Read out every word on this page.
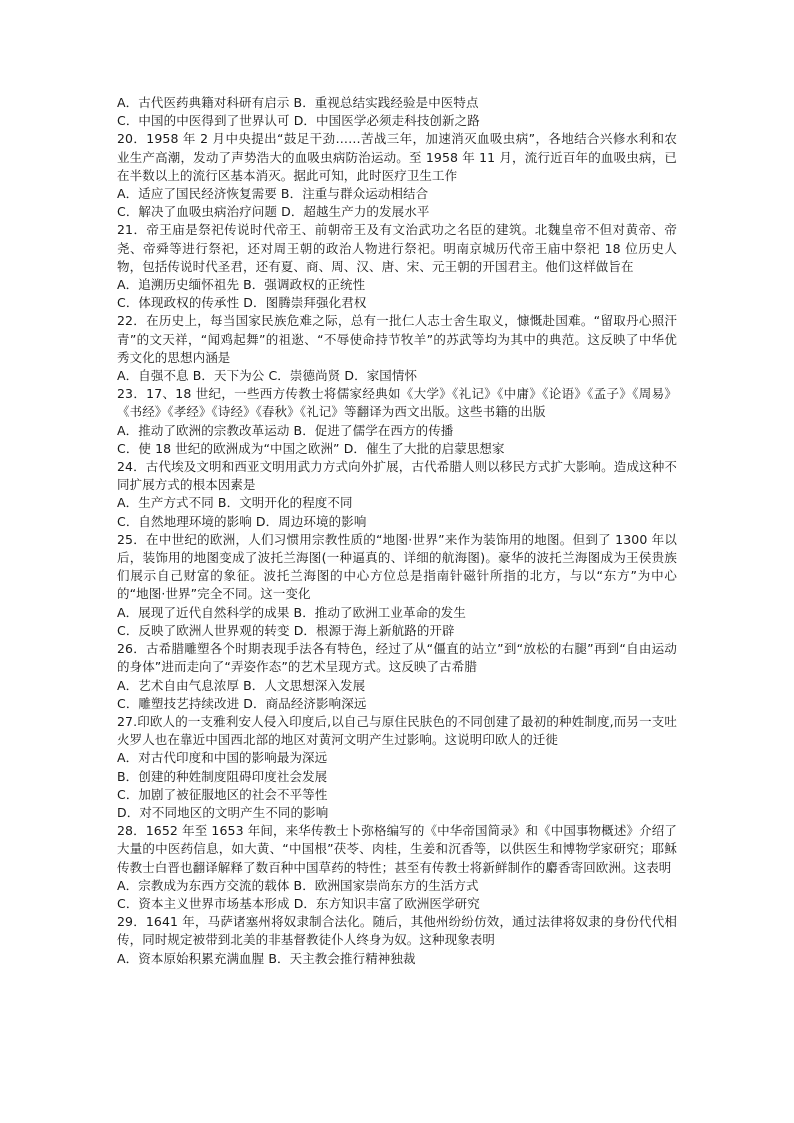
A．古代医药典籍对科研有启示 B．重视总结实践经验是中医特点
C．中国的中医得到了世界认可 D．中国医学必须走科技创新之路
20．1958 年 2 月中央提出“鼓足干劲……苦战三年，加速消灭血吸虫病”，各地结合兴修水利和农业生产高潮，发动了声势浩大的血吸虫病防治运动。至 1958 年 11 月，流行近百年的血吸虫病，已在半数以上的流行区基本消灭。据此可知，此时医疗卫生工作
A．适应了国民经济恢复需要 B．注重与群众运动相结合
C．解决了血吸虫病治疗问题 D．超越生产力的发展水平
21．帝王庙是祭祀传说时代帝王、前朝帝王及有文治武功之名臣的建筑。北魏皇帝不但对黄帝、帝尧、帝舜等进行祭祀，还对周王朝的政治人物进行祭祀。明南京城历代帝王庙中祭祀 18 位历史人物，包括传说时代圣君，还有夏、商、周、汉、唐、宋、元王朝的开国君主。他们这样做旨在
A．追溯历史缅怀祖先 B．强调政权的正统性
C．体现政权的传承性 D．图腾崇拜强化君权
22．在历史上，每当国家民族危难之际，总有一批仁人志士舍生取义，慷慨赴国难。“留取丹心照汗青”的文天祥，“闻鸡起舞”的祖逖、“不辱使命持节牧羊”的苏武等均为其中的典范。这反映了中华优秀文化的思想内涵是
A．自强不息 B．天下为公 C．崇德尚贤 D．家国情怀
23．17、18 世纪，一些西方传教士将儒家经典如《大学》《礼记》《中庸》《论语》《孟子》《周易》《书经》《孝经》《诗经》《春秋》《礼记》等翻译为西文出版。这些书籍的出版
A．推动了欧洲的宗教改革运动 B．促进了儒学在西方的传播
C．使 18 世纪的欧洲成为“中国之欧洲” D．催生了大批的启蒙思想家
24．古代埃及文明和西亚文明用武力方式向外扩展，古代希腊人则以移民方式扩大影响。造成这种不同扩展方式的根本因素是
A．生产方式不同 B．文明开化的程度不同
C．自然地理环境的影响 D．周边环境的影响
25．在中世纪的欧洲，人们习惯用宗教性质的“地图·世界”来作为装饰用的地图。但到了 1300 年以后，装饰用的地图变成了波托兰海图(一种逼真的、详细的航海图)。豪华的波托兰海图成为王侯贵族们展示自己财富的象征。波托兰海图的中心方位总是指南针磁针所指的北方，与以“东方”为中心的“地图·世界”完全不同。这一变化
A．展现了近代自然科学的成果 B．推动了欧洲工业革命的发生
C．反映了欧洲人世界观的转变 D．根源于海上新航路的开辟
26．古希腊雕塑各个时期表现手法各有特色，经过了从“僵直的站立”到“放松的右腿”再到“自由运动的身体”进而走向了“弄姿作态”的艺术呈现方式。这反映了古希腊
A．艺术自由气息浓厚 B．人文思想深入发展
C．雕塑技艺持续改进 D．商品经济影响深远
27.印欧人的一支雅利安人侵入印度后,以自己与原住民肤色的不同创建了最初的种姓制度,而另一支吐火罗人也在靠近中国西北部的地区对黄河文明产生过影响。这说明印欧人的迁徙
A．对古代印度和中国的影响最为深远
B．创建的种姓制度阻碍印度社会发展
C．加剧了被征服地区的社会不平等性
D．对不同地区的文明产生不同的影响
28．1652 年至 1653 年间，来华传教士卜弥格编写的《中华帝国简录》和《中国事物概述》介绍了大量的中医药信息，如大黄、“中国根”茯苓、肉桂，生姜和沉香等，以供医生和博物学家研究；耶稣传教士白晋也翻译解释了数百种中国草药的特性；甚至有传教士将新鲜制作的麝香寄回欧洲。这表明
A．宗教成为东西方交流的载体 B．欧洲国家崇尚东方的生活方式
C．资本主义世界市场基本形成 D．东方知识丰富了欧洲医学研究
29．1641 年，马萨诸塞州将奴隶制合法化。随后，其他州纷纷仿效，通过法律将奴隶的身份代代相传，同时规定被带到北美的非基督教徒仆人终身为奴。这种现象表明
A．资本原始积累充满血腥 B．天主教会推行精神独裁
